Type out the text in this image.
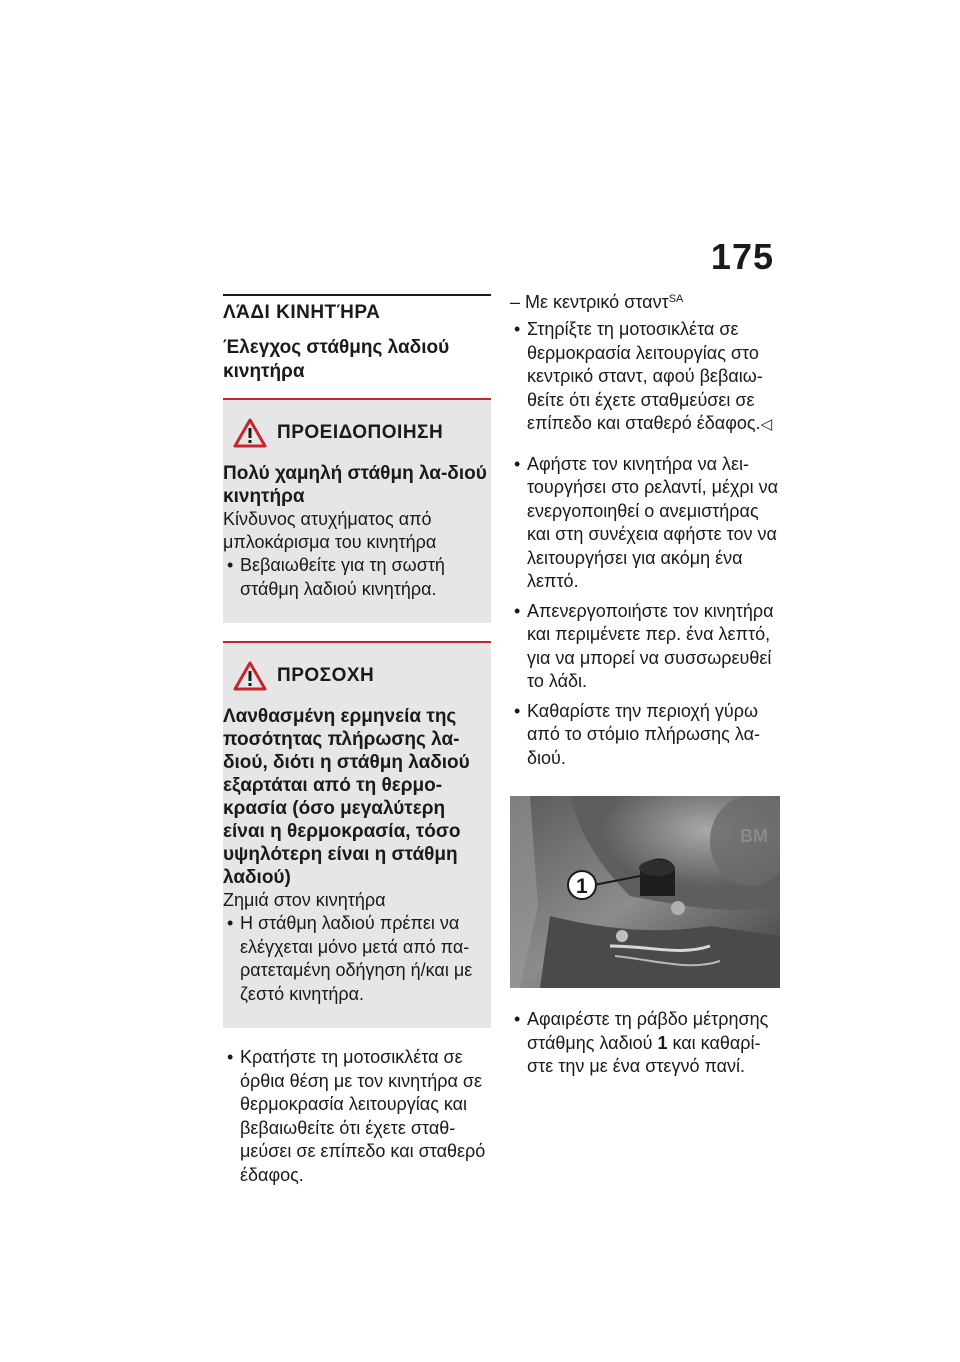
175
ΛΆΔΙ ΚΙΝΗΤΉΡΑ
Έλεγχος στάθμης λαδιού κινητήρα
ΠΡΟΕΙΔΟΠΟΙΗΣΗ
Πολύ χαμηλή στάθμη λα-διού κινητήρα
Κίνδυνος ατυχήματος από μπλοκάρισμα του κινητήρα
• Βεβαιωθείτε για τη σωστή στάθμη λαδιού κινητήρα.
ΠΡΟΣΟΧΗ
Λανθασμένη ερμηνεία της ποσότητας πλήρωσης λα-διού, διότι η στάθμη λαδιού εξαρτάται από τη θερμο-κρασία (όσο μεγαλύτερη είναι η θερμοκρασία, τόσο υψηλότερη είναι η στάθμη λαδιού)
Ζημιά στον κινητήρα
• Η στάθμη λαδιού πρέπει να ελέγχεται μόνο μετά από πα-ρατεταμένη οδήγηση ή/και με ζεστό κινητήρα.
• Κρατήστε τη μοτοσικλέτα σε όρθια θέση με τον κινητήρα σε θερμοκρασία λειτουργίας και βεβαιωθείτε ότι έχετε σταθ-μεύσει σε επίπεδο και σταθερό έδαφος.
– Με κεντρικό σταντ$^{SA}$
• Στηρίξτε τη μοτοσικλέτα σε θερμοκρασία λειτουργίας στο κεντρικό σταντ, αφού βεβαιω-θείτε ότι έχετε σταθμεύσει σε επίπεδο και σταθερό έδαφος.◁
• Αφήστε τον κινητήρα να λει-τουργήσει στο ρελαντί, μέχρι να ενεργοποιηθεί ο ανεμιστήρας και στη συνέχεια αφήστε τον να λειτουργήσει για ακόμη ένα λεπτό.
• Απενεργοποιήστε τον κινητήρα και περιμένετε περ. ένα λεπτό, για να μπορεί να συσσωρευθεί το λάδι.
• Καθαρίστε την περιοχή γύρω από το στόμιο πλήρωσης λα-διού.
BM
1
• Αφαιρέστε τη ράβδο μέτρησης στάθμης λαδιού 1 και καθαρί-στε την με ένα στεγνό πανί.
